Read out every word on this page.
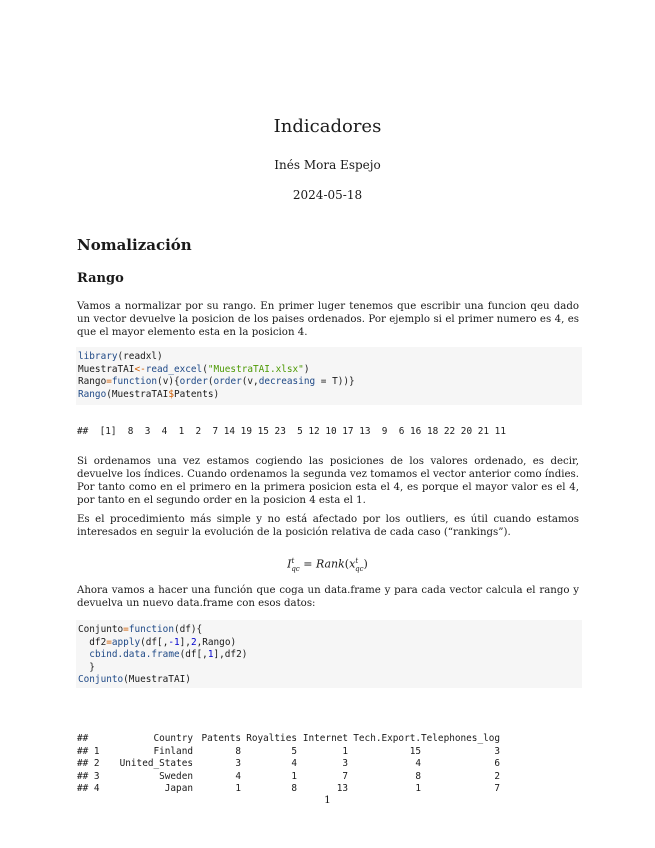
Indicadores
Inés Mora Espejo
2024-05-18
Nomalización
Rango
Vamos a normalizar por su rango. En primer luger tenemos que escribir una funcion qeu dado un vector devuelve la posicion de los paises ordenados. Por ejemplo si el primer numero es 4, es que el mayor elemento esta en la posicion 4.
library(readxl)
MuestraTAI<-read_excel("MuestraTAI.xlsx")
Rango=function(v){order(order(v,decreasing = T))}
Rango(MuestraTAI$Patents)
##  [1]  8  3  4  1  2  7 14 19 15 23  5 12 10 17 13  9  6 16 18 22 20 21 11
Si ordenamos una vez estamos cogiendo las posiciones de los valores ordenado, es decir, devuelve los índices. Cuando ordenamos la segunda vez tomamos el vector anterior como índies. Por tanto como en el primero en la primera posicion esta el 4, es porque el mayor valor es el 4, por tanto en el segundo order en la posicion 4 esta el 1.
Es el procedimiento más simple y no está afectado por los outliers, es útil cuando estamos interesados en seguir la evolución de la posición relativa de cada caso (“rankings”).
$I^t_{qc}$ = $Rank(x^t_{qc})$
Ahora vamos a hacer una función que coga un data.frame y para cada vector calcula el rango y devuelva un nuevo data.frame con esos datos:
Conjunto=function(df){
df2=apply(df[,-1],2,Rango)
cbind.data.frame(df[,1],df2)
}
Conjunto(MuestraTAI)

##	Country	Patents	Royalties	Internet	Tech.Export.	Telephones_log
## 1	Finland	8	5	1	15	3
## 2	United_States	3	4	3	4	6
## 3	Sweden	4	1	7	8	2
## 4	Japan	1	8	13	1	7

1
